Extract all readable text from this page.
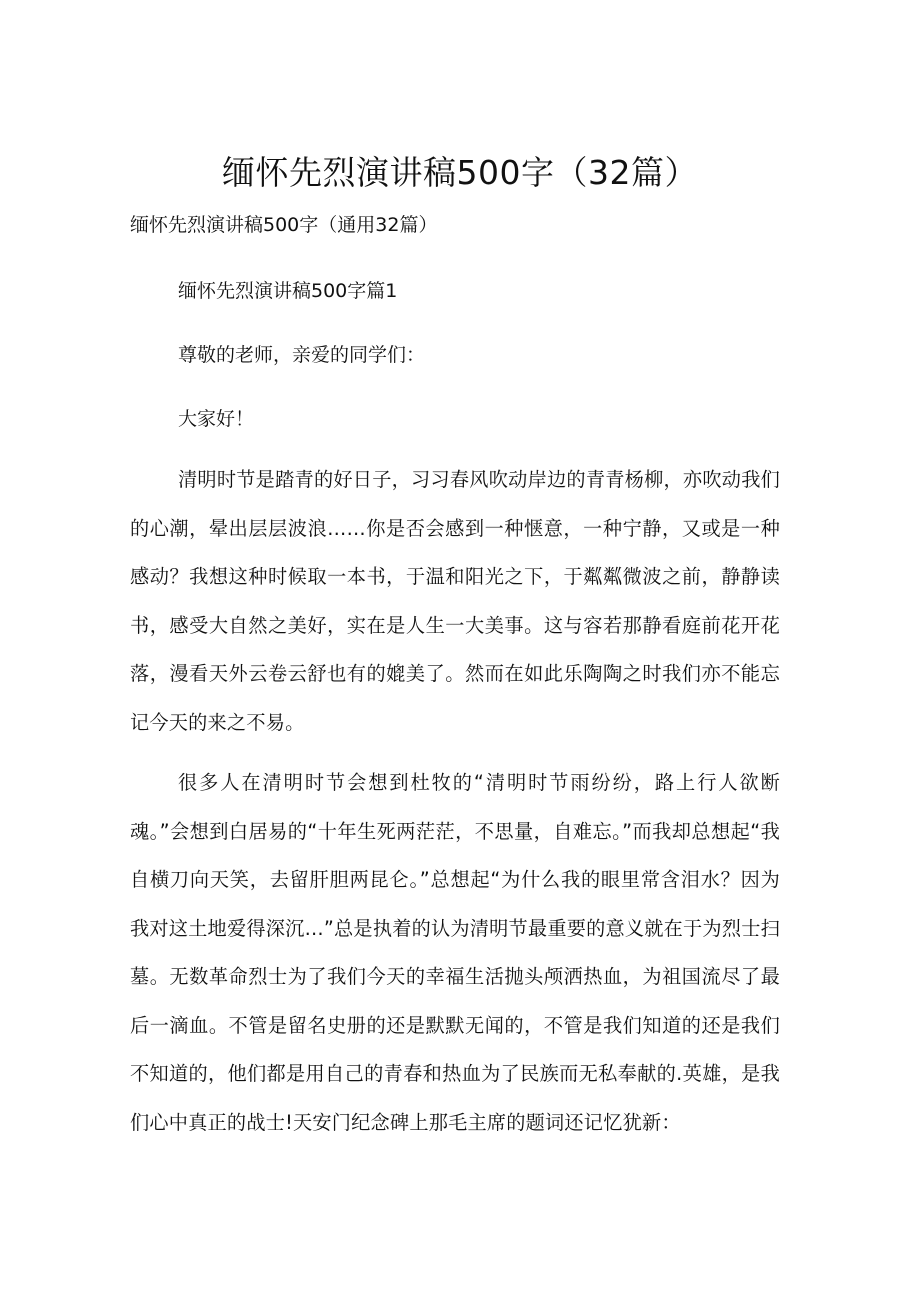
缅怀先烈演讲稿500字（32篇）

缅怀先烈演讲稿500字（通用32篇）

缅怀先烈演讲稿500字篇1

尊敬的老师，亲爱的同学们：

大家好！

清明时节是踏青的好日子，习习春风吹动岸边的青青杨柳，亦吹动我们的心潮，晕出层层波浪……你是否会感到一种惬意，一种宁静，又或是一种感动？我想这种时候取一本书，于温和阳光之下，于粼粼微波之前，静静读书，感受大自然之美好，实在是人生一大美事。这与容若那静看庭前花开花落，漫看天外云卷云舒也有的媲美了。然而在如此乐陶陶之时我们亦不能忘记今天的来之不易。

很多人在清明时节会想到杜牧的“清明时节雨纷纷，路上行人欲断魂。”会想到白居易的“十年生死两茫茫，不思量，自难忘。”而我却总想起“我自横刀向天笑，去留肝胆两昆仑。”总想起“为什么我的眼里常含泪水？因为我对这土地爱得深沉…”总是执着的认为清明节最重要的意义就在于为烈士扫墓。无数革命烈士为了我们今天的幸福生活抛头颅洒热血，为祖国流尽了最后一滴血。不管是留名史册的还是默默无闻的，不管是我们知道的还是我们不知道的，他们都是用自己的青春和热血为了民族而无私奉献的.英雄，是我们心中真正的战士!天安门纪念碑上那毛主席的题词还记忆犹新：
